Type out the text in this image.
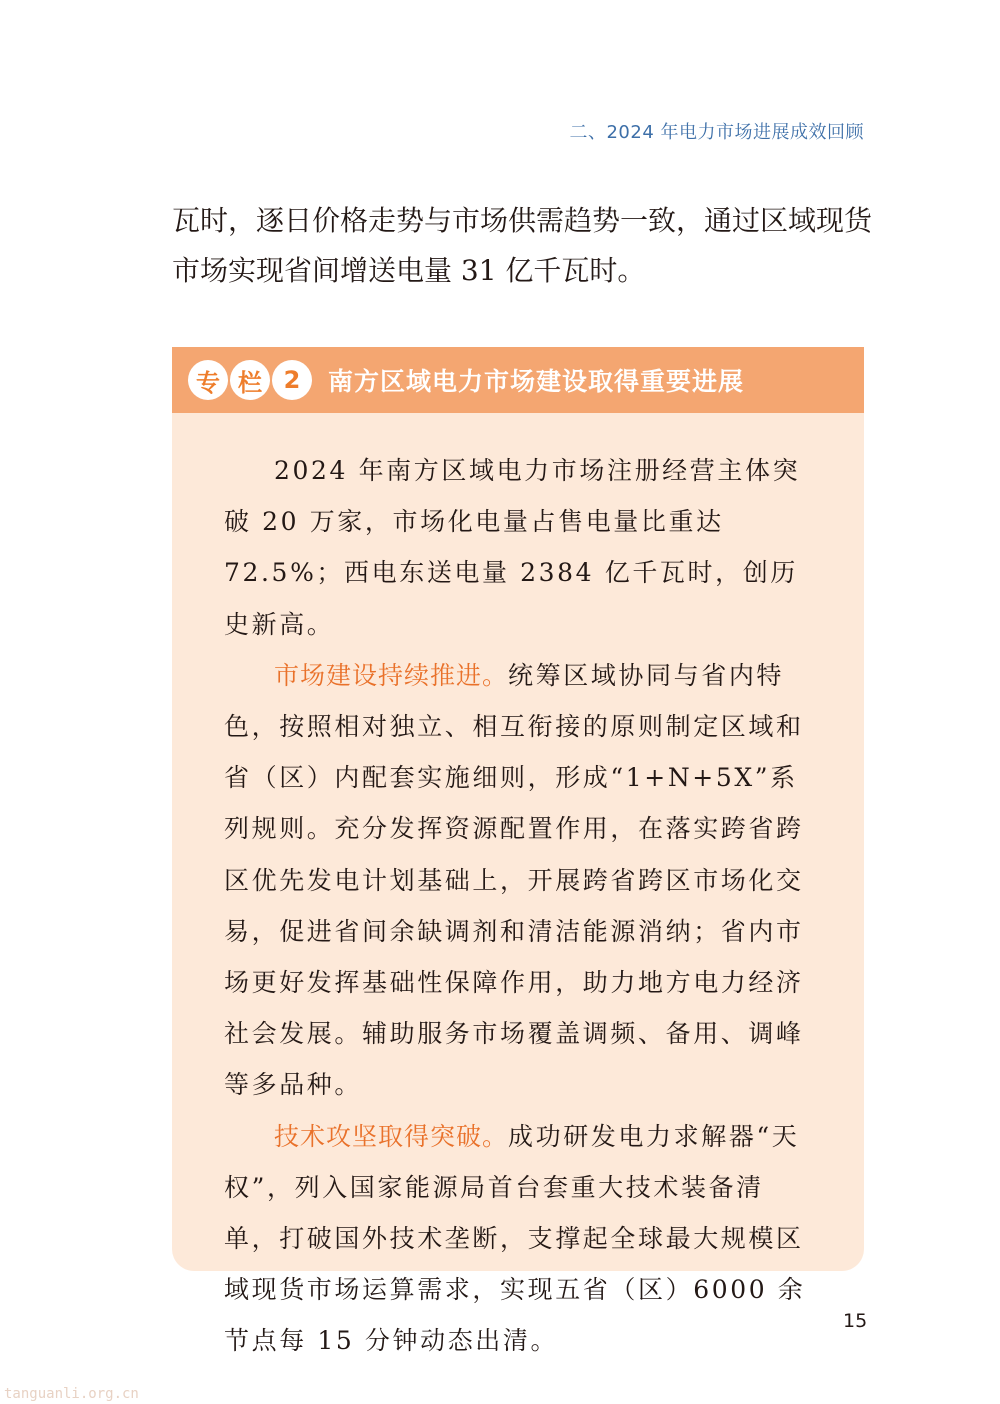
二、2024 年电力市场进展成效回顾

瓦时，逐日价格走势与市场供需趋势一致，通过区域现货市场实现省间增送电量 31 亿千瓦时。

专 栏 2	南方区域电力市场建设取得重要进展

2024 年南方区域电力市场注册经营主体突破 20 万家，市场化电量占售电量比重达 72.5%；西电东送电量 2384 亿千瓦时，创历史新高。

市场建设持续推进。统筹区域协同与省内特色，按照相对独立、相互衔接的原则制定区域和省（区）内配套实施细则，形成“1+N+5X”系列规则。充分发挥资源配置作用，在落实跨省跨区优先发电计划基础上，开展跨省跨区市场化交易，促进省间余缺调剂和清洁能源消纳；省内市场更好发挥基础性保障作用，助力地方电力经济社会发展。辅助服务市场覆盖调频、备用、调峰等多品种。

技术攻坚取得突破。成功研发电力求解器“天权”，列入国家能源局首台套重大技术装备清单，打破国外技术垄断，支撑起全球最大规模区域现货市场运算需求，实现五省（区）6000 余节点每 15 分钟动态出清。

15
tanguanli.org.cn
